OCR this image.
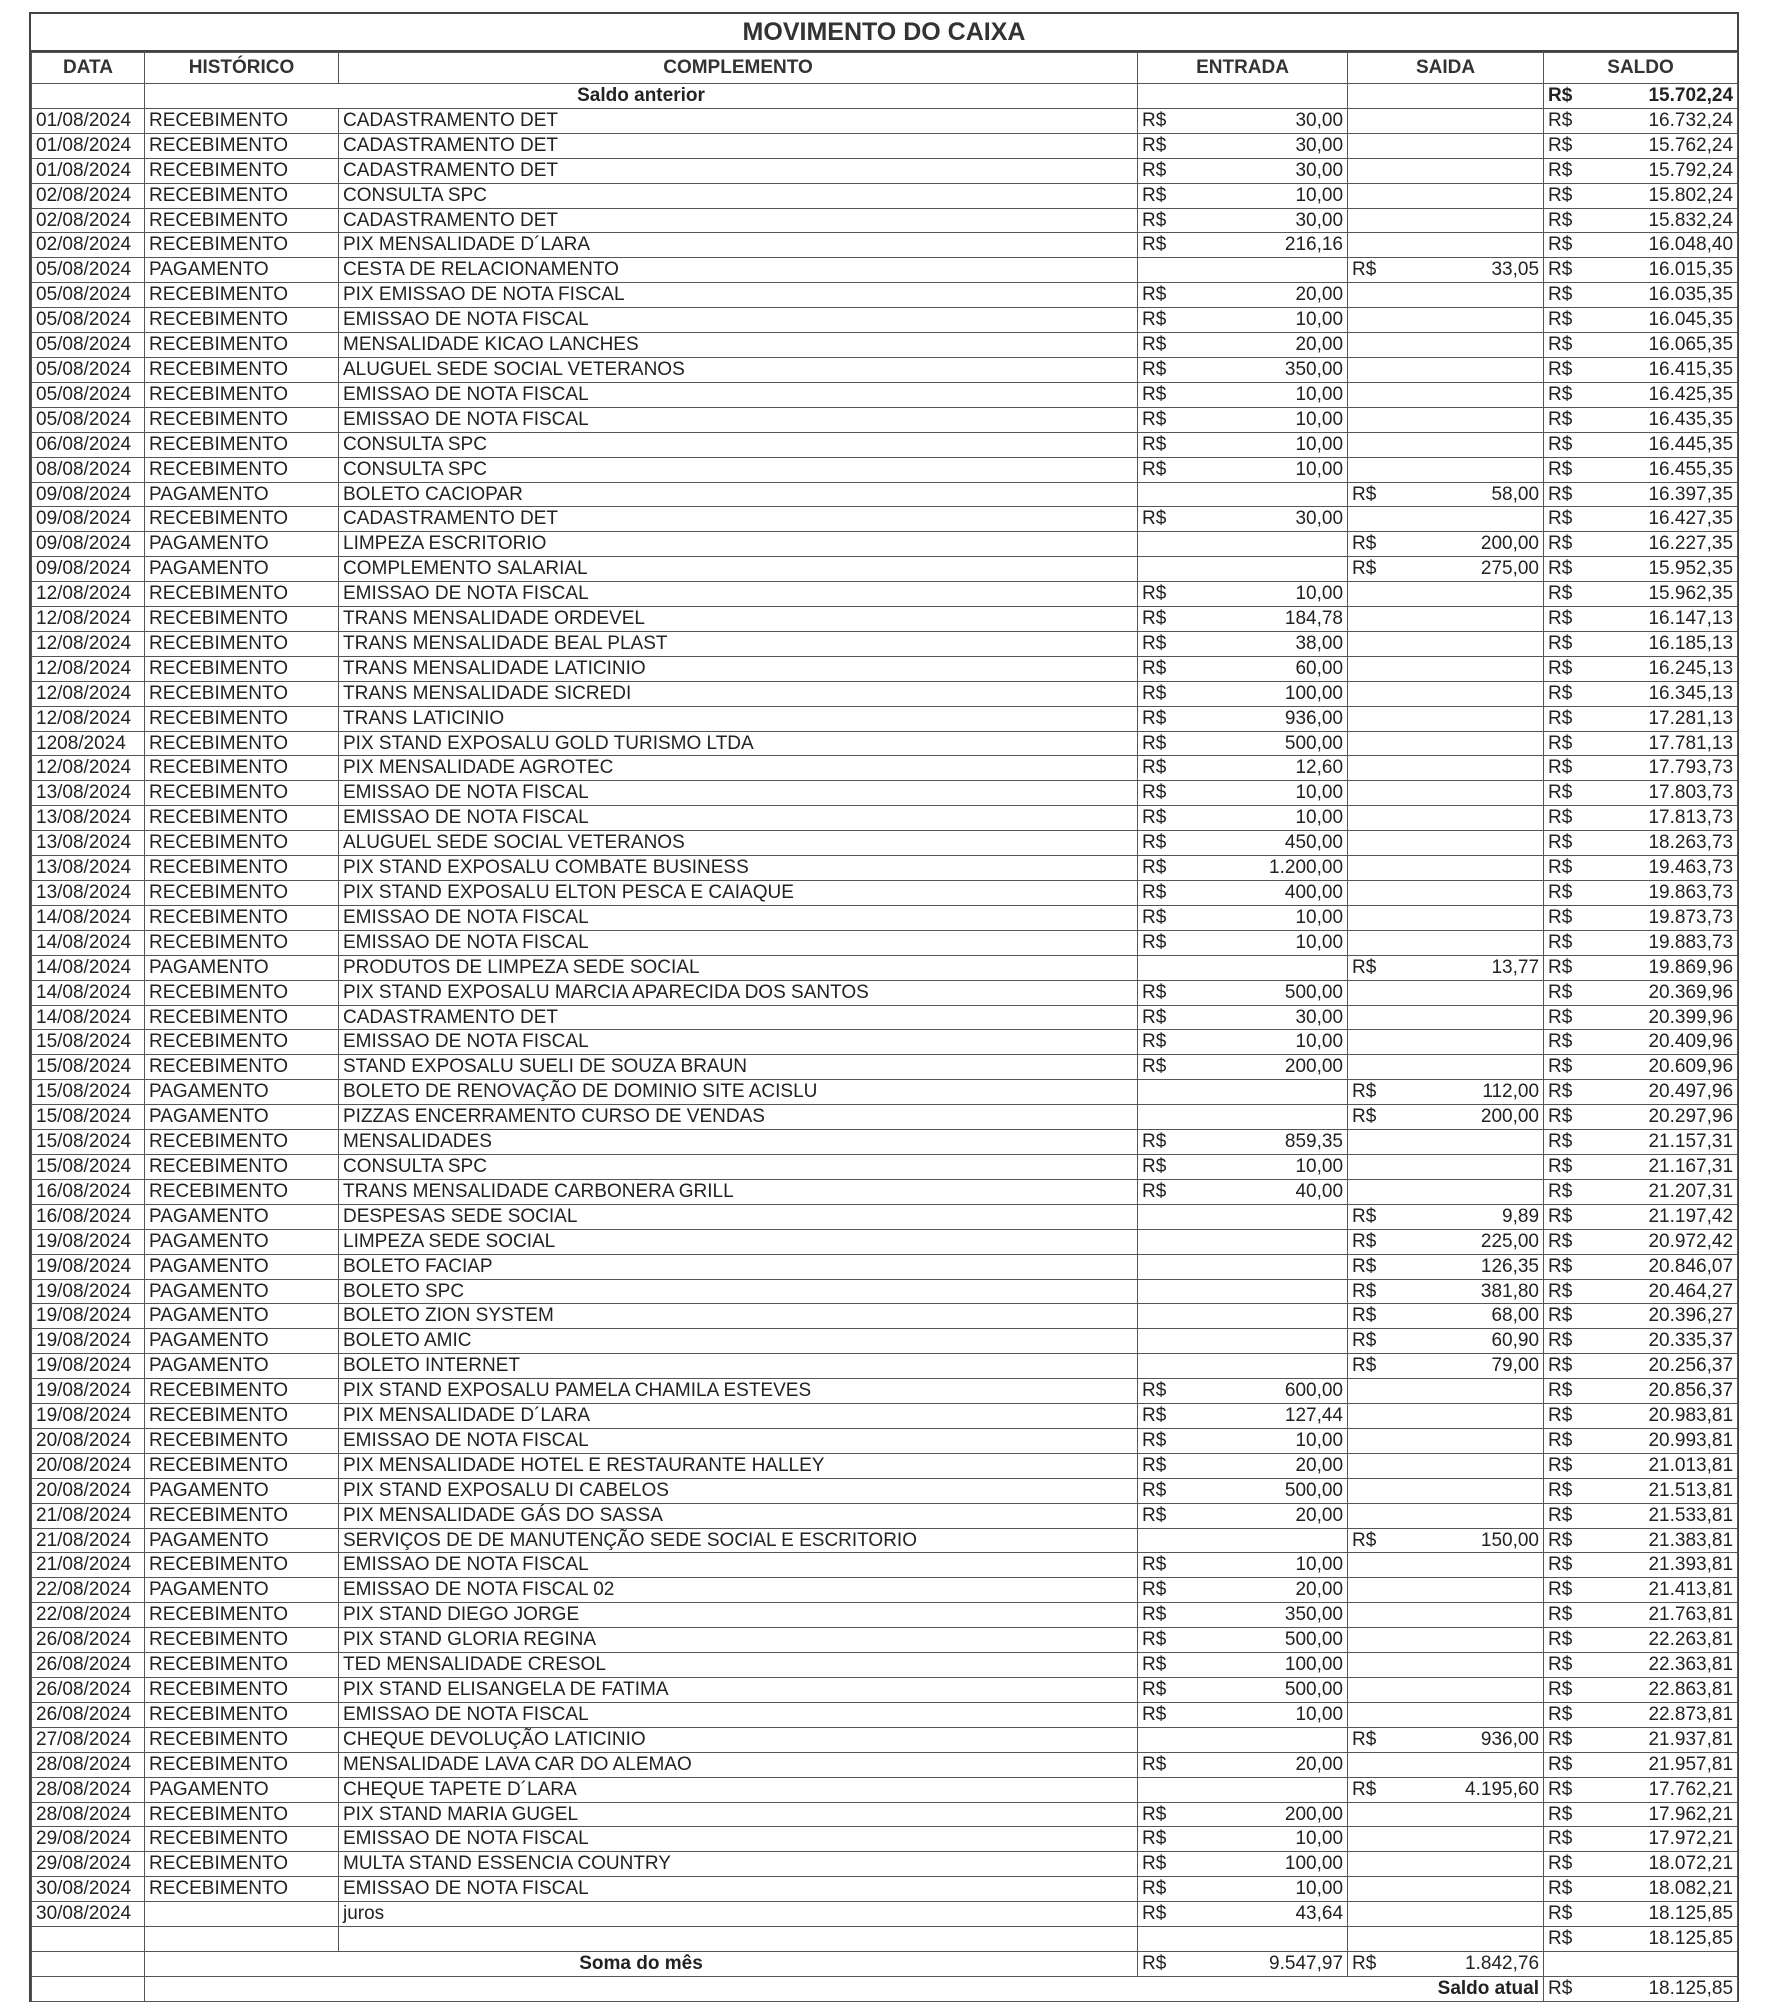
MOVIMENTO DO CAIXA
DATA	HISTÓRICO	COMPLEMENTO	ENTRADA		SAIDA		SALDO	
	Saldo anterior						R$	15.702,24
01/08/2024	RECEBIMENTO	CADASTRAMENTO DET	R$	30,00			R$	16.732,24
01/08/2024	RECEBIMENTO	CADASTRAMENTO DET	R$	30,00			R$	15.762,24
01/08/2024	RECEBIMENTO	CADASTRAMENTO DET	R$	30,00			R$	15.792,24
02/08/2024	RECEBIMENTO	CONSULTA SPC	R$	10,00			R$	15.802,24
02/08/2024	RECEBIMENTO	CADASTRAMENTO DET	R$	30,00			R$	15.832,24
02/08/2024	RECEBIMENTO	PIX MENSALIDADE D´LARA	R$	216,16			R$	16.048,40
05/08/2024	PAGAMENTO	CESTA DE RELACIONAMENTO			R$	33,05	R$	16.015,35
05/08/2024	RECEBIMENTO	PIX EMISSAO DE NOTA FISCAL	R$	20,00			R$	16.035,35
05/08/2024	RECEBIMENTO	EMISSAO DE NOTA FISCAL	R$	10,00			R$	16.045,35
05/08/2024	RECEBIMENTO	MENSALIDADE KICAO LANCHES	R$	20,00			R$	16.065,35
05/08/2024	RECEBIMENTO	ALUGUEL SEDE SOCIAL VETERANOS	R$	350,00			R$	16.415,35
05/08/2024	RECEBIMENTO	EMISSAO DE NOTA FISCAL	R$	10,00			R$	16.425,35
05/08/2024	RECEBIMENTO	EMISSAO DE NOTA FISCAL	R$	10,00			R$	16.435,35
06/08/2024	RECEBIMENTO	CONSULTA SPC	R$	10,00			R$	16.445,35
08/08/2024	RECEBIMENTO	CONSULTA SPC	R$	10,00			R$	16.455,35
09/08/2024	PAGAMENTO	BOLETO CACIOPAR			R$	58,00	R$	16.397,35
09/08/2024	RECEBIMENTO	CADASTRAMENTO DET	R$	30,00			R$	16.427,35
09/08/2024	PAGAMENTO	LIMPEZA ESCRITORIO			R$	200,00	R$	16.227,35
09/08/2024	PAGAMENTO	COMPLEMENTO SALARIAL			R$	275,00	R$	15.952,35
12/08/2024	RECEBIMENTO	EMISSAO DE NOTA FISCAL	R$	10,00			R$	15.962,35
12/08/2024	RECEBIMENTO	TRANS MENSALIDADE ORDEVEL	R$	184,78			R$	16.147,13
12/08/2024	RECEBIMENTO	TRANS MENSALIDADE BEAL PLAST	R$	38,00			R$	16.185,13
12/08/2024	RECEBIMENTO	TRANS MENSALIDADE LATICINIO	R$	60,00			R$	16.245,13
12/08/2024	RECEBIMENTO	TRANS MENSALIDADE SICREDI	R$	100,00			R$	16.345,13
12/08/2024	RECEBIMENTO	TRANS LATICINIO	R$	936,00			R$	17.281,13
1208/2024	RECEBIMENTO	PIX STAND EXPOSALU GOLD TURISMO LTDA	R$	500,00			R$	17.781,13
12/08/2024	RECEBIMENTO	PIX MENSALIDADE AGROTEC	R$	12,60			R$	17.793,73
13/08/2024	RECEBIMENTO	EMISSAO DE NOTA FISCAL	R$	10,00			R$	17.803,73
13/08/2024	RECEBIMENTO	EMISSAO DE NOTA FISCAL	R$	10,00			R$	17.813,73
13/08/2024	RECEBIMENTO	ALUGUEL SEDE SOCIAL VETERANOS	R$	450,00			R$	18.263,73
13/08/2024	RECEBIMENTO	PIX STAND EXPOSALU COMBATE BUSINESS	R$	1.200,00			R$	19.463,73
13/08/2024	RECEBIMENTO	PIX STAND EXPOSALU ELTON PESCA E CAIAQUE	R$	400,00			R$	19.863,73
14/08/2024	RECEBIMENTO	EMISSAO DE NOTA FISCAL	R$	10,00			R$	19.873,73
14/08/2024	RECEBIMENTO	EMISSAO DE NOTA FISCAL	R$	10,00			R$	19.883,73
14/08/2024	PAGAMENTO	PRODUTOS DE LIMPEZA SEDE SOCIAL			R$	13,77	R$	19.869,96
14/08/2024	RECEBIMENTO	PIX STAND EXPOSALU MARCIA APARECIDA DOS SANTOS	R$	500,00			R$	20.369,96
14/08/2024	RECEBIMENTO	CADASTRAMENTO DET	R$	30,00			R$	20.399,96
15/08/2024	RECEBIMENTO	EMISSAO DE NOTA FISCAL	R$	10,00			R$	20.409,96
15/08/2024	RECEBIMENTO	STAND EXPOSALU SUELI DE SOUZA BRAUN	R$	200,00			R$	20.609,96
15/08/2024	PAGAMENTO	BOLETO DE RENOVAÇÃO DE DOMINIO SITE ACISLU			R$	112,00	R$	20.497,96
15/08/2024	PAGAMENTO	PIZZAS ENCERRAMENTO CURSO DE VENDAS			R$	200,00	R$	20.297,96
15/08/2024	RECEBIMENTO	MENSALIDADES	R$	859,35			R$	21.157,31
15/08/2024	RECEBIMENTO	CONSULTA SPC	R$	10,00			R$	21.167,31
16/08/2024	RECEBIMENTO	TRANS MENSALIDADE CARBONERA GRILL	R$	40,00			R$	21.207,31
16/08/2024	PAGAMENTO	DESPESAS SEDE SOCIAL			R$	9,89	R$	21.197,42
19/08/2024	PAGAMENTO	LIMPEZA SEDE SOCIAL			R$	225,00	R$	20.972,42
19/08/2024	PAGAMENTO	BOLETO FACIAP			R$	126,35	R$	20.846,07
19/08/2024	PAGAMENTO	BOLETO SPC			R$	381,80	R$	20.464,27
19/08/2024	PAGAMENTO	BOLETO ZION SYSTEM			R$	68,00	R$	20.396,27
19/08/2024	PAGAMENTO	BOLETO AMIC			R$	60,90	R$	20.335,37
19/08/2024	PAGAMENTO	BOLETO INTERNET			R$	79,00	R$	20.256,37
19/08/2024	RECEBIMENTO	PIX STAND EXPOSALU PAMELA CHAMILA ESTEVES	R$	600,00			R$	20.856,37
19/08/2024	RECEBIMENTO	PIX MENSALIDADE D´LARA	R$	127,44			R$	20.983,81
20/08/2024	RECEBIMENTO	EMISSAO DE NOTA FISCAL	R$	10,00			R$	20.993,81
20/08/2024	RECEBIMENTO	PIX MENSALIDADE HOTEL E RESTAURANTE HALLEY	R$	20,00			R$	21.013,81
20/08/2024	PAGAMENTO	PIX STAND EXPOSALU DI CABELOS	R$	500,00			R$	21.513,81
21/08/2024	RECEBIMENTO	PIX MENSALIDADE GÁS DO SASSA	R$	20,00			R$	21.533,81
21/08/2024	PAGAMENTO	SERVIÇOS DE DE MANUTENÇÃO SEDE SOCIAL E ESCRITORIO			R$	150,00	R$	21.383,81
21/08/2024	RECEBIMENTO	EMISSAO DE NOTA FISCAL	R$	10,00			R$	21.393,81
22/08/2024	PAGAMENTO	EMISSAO DE NOTA FISCAL 02	R$	20,00			R$	21.413,81
22/08/2024	RECEBIMENTO	PIX STAND DIEGO JORGE	R$	350,00			R$	21.763,81
26/08/2024	RECEBIMENTO	PIX STAND GLORIA REGINA	R$	500,00			R$	22.263,81
26/08/2024	RECEBIMENTO	TED MENSALIDADE CRESOL	R$	100,00			R$	22.363,81
26/08/2024	RECEBIMENTO	PIX STAND ELISANGELA DE FATIMA	R$	500,00			R$	22.863,81
26/08/2024	RECEBIMENTO	EMISSAO DE NOTA FISCAL	R$	10,00			R$	22.873,81
27/08/2024	RECEBIMENTO	CHEQUE DEVOLUÇÃO LATICINIO			R$	936,00	R$	21.937,81
28/08/2024	RECEBIMENTO	MENSALIDADE LAVA CAR DO ALEMAO	R$	20,00			R$	21.957,81
28/08/2024	PAGAMENTO	CHEQUE TAPETE D´LARA			R$	4.195,60	R$	17.762,21
28/08/2024	RECEBIMENTO	PIX STAND MARIA GUGEL	R$	200,00			R$	17.962,21
29/08/2024	RECEBIMENTO	EMISSAO DE NOTA FISCAL	R$	10,00			R$	17.972,21
29/08/2024	RECEBIMENTO	MULTA STAND ESSENCIA COUNTRY	R$	100,00			R$	18.072,21
30/08/2024	RECEBIMENTO	EMISSAO DE NOTA FISCAL	R$	10,00			R$	18.082,21
30/08/2024		juros	R$	43,64			R$	18.125,85
							R$	18.125,85
	Soma do mês		R$	9.547,97	R$	1.842,76		
	Saldo atual						R$	18.125,85
